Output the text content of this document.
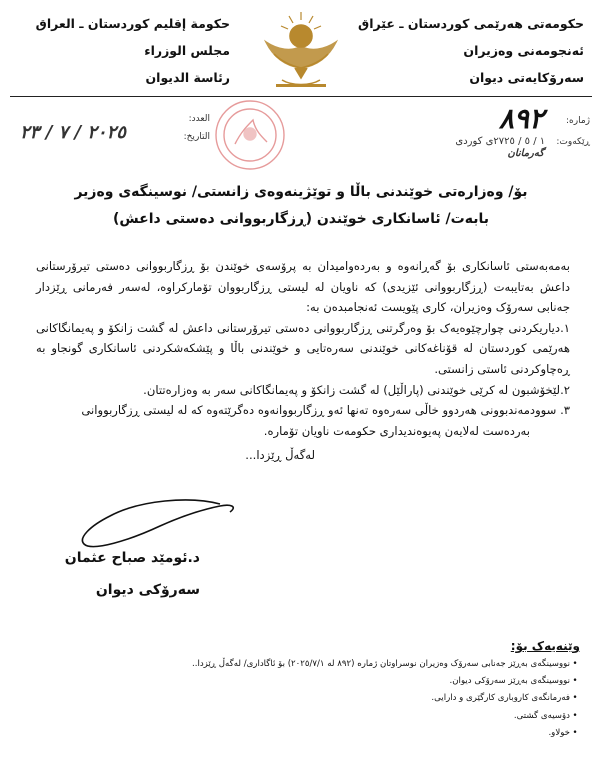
حکومەتی هەرێمی کوردستان ـ عێراق
ئەنجومەنی وەزیران
سەرۆکایەتی دیوان
حكومة إقليم كوردستان ـ العراق
مجلس الوزراء
رئاسة الديوان
ژمارە:
٨٩٢
ڕێکەوت: ١ / ٥ / ٢٧٢٥ی کوردی
گەرمانان
العدد:
التاريخ:
٢٠٢٥ / ٧ / ٢٣
بۆ/ وەزارەتی خوێندنی باڵا و توێژینەوەی زانستی/ نوسینگەی وەزیر
بابەت/ ئاسانکاری خوێندن (ڕزگاربووانی دەستی داعش)

بەمەبەستی ئاسانکاری بۆ گەڕانەوە و بەردەوامیدان بە پرۆسەی خوێندن بۆ ڕزگاربووانی دەستی تیرۆرستانی داعش بەتایبەت (ڕزگاربووانی ئێزیدی) کە ناویان لە لیستی ڕزگاربووان تۆمارکراوە، لەسەر فەرمانی ڕێزدار جەنابی سەرۆک وەزیران، کاری پێویست ئەنجامبدەن بە:

١.دیاریکردنی چوارچێوەیەک بۆ وەرگرتنی ڕزگاربووانی دەستی تیرۆرستانی داعش لە گشت زانکۆ و پەیمانگاکانی هەرێمی کوردستان لە قۆناغەکانی خوێندنی سەرەتایی و خوێندنی باڵا و پێشکەشکردنی ئاسانکاری گونجاو بە ڕەچاوکردنی ئاستی زانستی.

٢.لێخۆشبون لە کرێی خوێندنی (پاراڵێل) لە گشت زانکۆ و پەیمانگاکانی سەر بە وەزارەتتان.

٣. سوودمەندبوونی هەردوو خاڵی سەرەوە تەنها ئەو ڕزگاربووانەوە دەگرێتەوە کە لە لیستی ڕزگاربووانی

بەردەست لەلایەن پەیوەندیداری حکومەت ناویان تۆمارە.

لەگەڵ ڕێزدا...

د.ئومێد صباح عثمان
سەرۆکی دیوان
وێنەیەک بۆ:
•نووسینگەی بەڕێز جەنابی سەرۆک وەزیران نوسراوتان ژمارە (٨٩٢ لە ٢٠٢٥/٧/١) بۆ ئاگاداری/ لەگەڵ ڕێزدا..
•نووسینگەی بەڕێز سەرۆکی دیوان.
•فەرمانگەی کاروباری کارگێری و دارایی.
•دۆسیەی گشتی.
•خولاو.
